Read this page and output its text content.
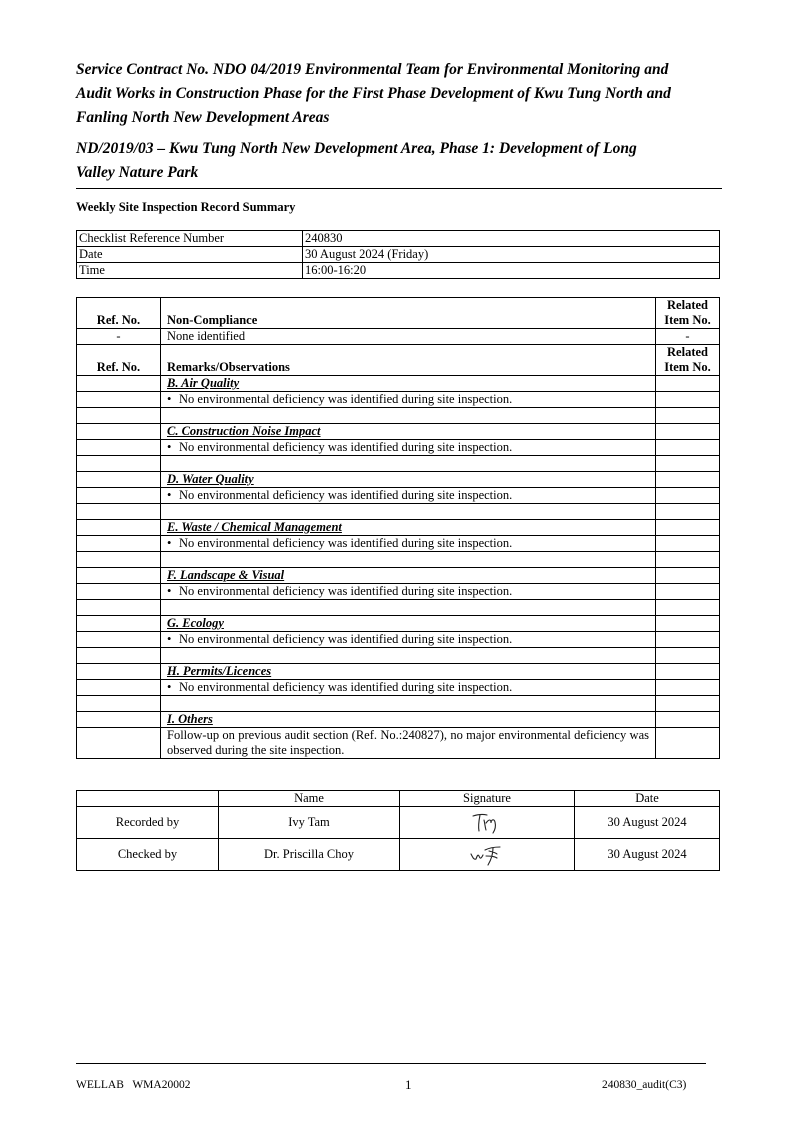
Service Contract No. NDO 04/2019 Environmental Team for Environmental Monitoring and
Audit Works in Construction Phase for the First Phase Development of Kwu Tung North and
Fanling North New Development Areas
ND/2019/03 – Kwu Tung North New Development Area, Phase 1: Development of Long
Valley Nature Park
Weekly Site Inspection Record Summary
Checklist Reference Number	240830
Date	30 August 2024 (Friday)
Time	16:00-16:20
Ref. No.	Non-Compliance	Related
Item No.
-	None identified	-
Ref. No.	Remarks/Observations	Related
Item No.
	B. Air Quality	
	• No environmental deficiency was identified during site inspection.	

	C. Construction Noise Impact	
	• No environmental deficiency was identified during site inspection.	

	D. Water Quality	
	• No environmental deficiency was identified during site inspection.	

	E. Waste / Chemical Management	
	• No environmental deficiency was identified during site inspection.	

	F. Landscape & Visual	
	• No environmental deficiency was identified during site inspection.	

	G. Ecology	
	• No environmental deficiency was identified during site inspection.	

	H. Permits/Licences	
	• No environmental deficiency was identified during site inspection.	

	I. Others	
	Follow-up on previous audit section (Ref. No.:240827), no major environmental deficiency was observed during the site inspection.	
	Name	Signature	Date
Recorded by	Ivy Tam		30 August 2024
Checked by	Dr. Priscilla Choy		30 August 2024
WELLAB   WMA20002	1	240830_audit(C3)
